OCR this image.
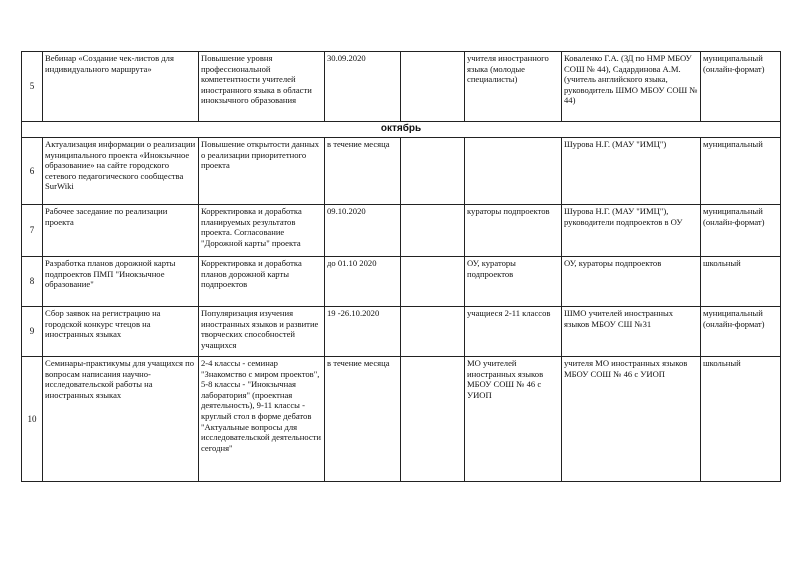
5	Вебинар «Создание чек-листов для индивидуального маршрута»	Повышение уровня профессиональной компетентности учителей иностранного языка в области инокзычного образования	30.09.2020		учителя иностранного языка (молодые специалисты)	Коваленко Г.А. (ЗД по НМР МБОУ СОШ № 44), Садардинова А.М.(учитель английского языка, руководитель ШМО МБОУ СОШ № 44)	муниципальный (онлайн-формат)
октябрь							
6	Актуализация информации о реализации муниципального проекта «Инокзычное образование» на сайте городского сетевого педагогического сообщества SurWiki	Повышение открытости данных о реализации приоритетного проекта	в течение месяца			Шурова Н.Г. (МАУ "ИМЦ")	муниципальный
7	Рабочее заседание по реализации проекта	Корректировка и доработка планируемых результатов проекта. Согласование "Дорожной карты" проекта	09.10.2020		кураторы подпроектов	Шурова Н.Г. (МАУ "ИМЦ"), руководители подпроектов в ОУ	муниципальный (онлайн-формат)
8	Разработка планов дорожной карты подпроектов ПМП "Инокзычное образование"	Корректировка и доработка планов дорожной карты подпроектов	до 01.10 2020		ОУ, кураторы подпроектов	ОУ, кураторы подпроектов	школьный
9	Сбор заявок на регистрацию на городской конкурс чтецов на иностранных языках	Популяризация изучения иностранных языков и развитие творческих способностей учащихся	19 -26.10.2020		учащиеся 2-11 классов	ШМО учителей иностранных языков МБОУ СШ №31	муниципальный (онлайн-формат)
10	Семинары-практикумы для учащихся по вопросам написания научно-исследовательской работы на иностранных языках	2-4 классы - семинар "Знакомство с миром проектов", 5-8 классы - "Инокзычная лаборатория" (проектная деятельность), 9-11 классы - круглый стол в форме дебатов "Актуальные вопросы для исследовательской деятельности сегодня"	в течение месяца		МО учителей иностранных языков МБОУ СОШ № 46 с УИОП	учителя МО иностранных языков МБОУ СОШ № 46 с УИОП	школьный
